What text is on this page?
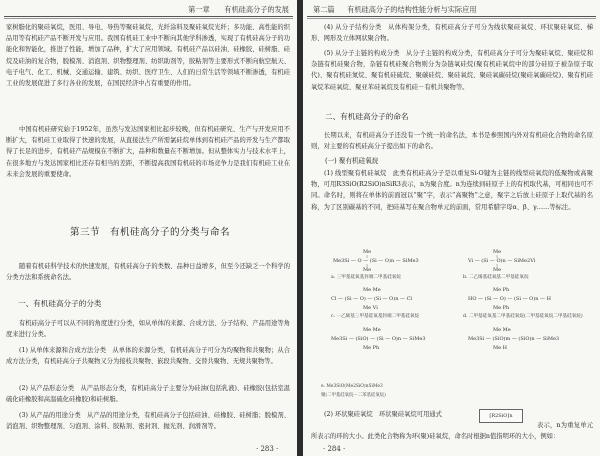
第一章 有机硅高分子的发展

家树脂化的聚硅氧烷，医用、导电、导热等聚硅氧烷，光纤涂料及聚硅氧烷光纤；多功能、高性能的织品用等有机硅产品不断开发与应用。我国有机硅工业中不断向其他学科渗透，实现了有机硅高分子的功能化和智能化，推进了性能，增加了品种，扩大了应用领域。有机硅产品以硅油、硅橡胶、硅树脂、硅烷及硅油的复合物，脱模剂、消泡剂、织物整理剂、纺织助剂等，胶粘剂等主要形式不断向航空航天、电子电气、化工、机械、交通运输、建筑、纺织、医疗卫生、人们的日常生活等领域不断渗透，有机硅工业的发展促进了多行各业的发展，在国民经济中占有重要的作用。

中国有机硅研究始于1952年，虽然与发达国家相比起步较晚，但有机硅研究、生产与开发应用不断扩大，有机硅工业取得了快速的发展，从直接法生产所需氯硅烷单体到有机硅产品的开发与生产都取得了长足的进步，有机硅产品规模在不断扩大，品种和数量在不断增加。但从整体实力与技术水平上，在很多地方与发达国家相比还存有相当的差距，不断提高我国有机硅的市场竞争力是我们有机硅工业在未来会发展的重要使命。

第三节　有机硅高分子的分类与命名

随着有机硅科学技术的快速发展，有机硅高分子的类数、品种日益增多，但至今还缺乏一个科学的分类方法和系统命名法。

一、有机硅高分子的分类

有机硅高分子可以从不同的角度进行分类，如从单体的来源、合成方法、分子结构、产品用途等角度来进行分类。

(1) 从单体来源和合成方法分类　从单体的来源分类，有机硅高分子可分为均聚物和共聚物；从合成方法分类，有机硅高分子共聚物又分为接枝共聚物、嵌段共聚物、交替共聚物、无规共聚物等。

(2) 从产品形态分类　从产品形态分类，有机硅高分子主要分为硅油(包括乳液)、硅橡胶(包括室温硫化硅橡胶和高温硫化硅橡胶)和硅树脂。

(3) 从产品的用途分类　从产品的用途分类，有机硅高分子包括硅油、硅橡胶、硅树脂；脱模剂、消泡剂、织物整理剂、匀泡剂、涂料、胶粘剂、密封剂、抛光剂、润滑剂等。

· 283 ·
第二篇 有机硅高分子的结构性能分析与实际应用

(4) 从分子结构分类　从体构架分类，有机硅高分子可分为线状聚硅氧烷、环状聚硅氧烷、梯形、网形及立体网状聚合物。

(5) 从分子主链的构成分类　从分子主链的构成分类，有机硅高分子可分为聚硅氧烷、聚硅烷和杂链有机硅聚合物，杂链有机硅聚合物则分为杂链氧硅烷(聚有机硅氧烷中的部分硅原子被杂原子取代)、聚有机硅氮烷、聚有机硅硫烷、聚碳硅烷、聚硅氧烷、聚硅氧碳硅烷(聚硅氧碳硅烷)、聚有机硅氧烷苯硅氧烷、聚亚苯硅氧烷及有机硅－有机共聚物等。

二、有机硅高分子的命名

长期以来，有机硅高分子还没有一个统一的命名法，本书是参照国内外对有机硅化合物的命名原则，对主要的有机硅高分子提出如下的命名。

(一) 聚有机硅氧烷

(1) 线型聚有机硅氧烷　此类有机硅高分子是以重复Si-O键为主链的线型硅氧烷的低聚物或高聚物，可用R3SiO(R2SiO)nSiR3表示，n为聚合度。n为连续到硅原子上的有机取代基，可相同也可不同。命名时，则将在单体的前面冠以“聚”字，表示“高聚物”之意，聚字之后放上硅原子上取代基的名称，为了区别碳基的不同，把硅基写在聚合物单元的前面，常用希腊字母α、β、γ……等标注。

Me
Me3Si — O — (Si — O)n — SiMe3
Me
Me
Vi — (Si — O)n — SiMe2Vi
Me
Me Me
Cl — (Si — O) — (Si — O)n — Cl
Me Vi
Me Ph
HO — (Si — O) — (Si — O)n — H
Me Ph
Me Me
Me3Si — (SiO) — (Si — O)n — SiMe3
Me Ph
Me Me
Me3Si — (SiO)m — (SiO)n — SiMe3
Me H
a. 三甲基硅氧基封端二甲基硅氧烷	b. 二乙烯基硅氧基二甲基硅氧烷
c. 一乙烯基三甲基硅氧基封端二甲基硅氧烷	d. 二甲基硅氧基二甲基硅氧烷(二甲基硅氧烷二甲基硅氧烷)
e. Me3SiO(Me2SiO)nSiMe3
聚(二甲基硅氧烷－二苯基硅氧烷)

(2) 环状聚硅氧烷　环状聚硅氧烷可用通式	[R2SiO]n

表示，n为重复单元所表示的环的大小。此类化合物称为环(聚)硅氧烷，命名时根据n值指明环的大小，例如：

· 284 ·
